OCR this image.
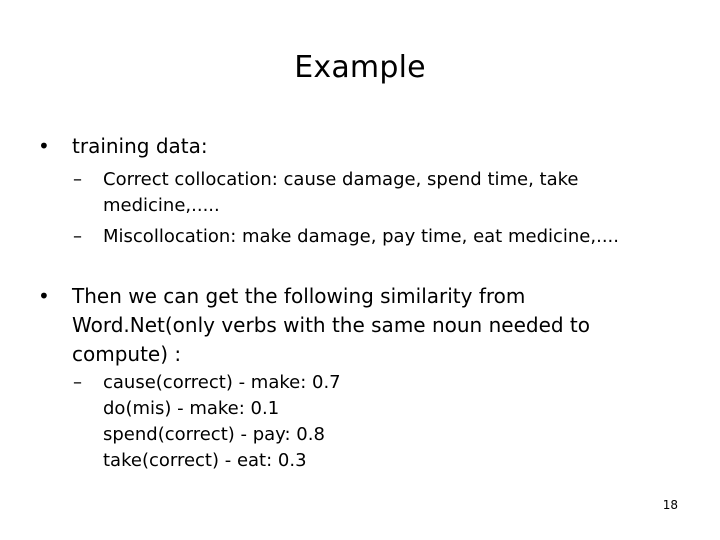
Example
• training data:
– Correct collocation: cause damage, spend time, take medicine,.....
– Miscollocation: make damage, pay time, eat medicine,....
• Then we can get the following similarity from Word.Net(only verbs with the same noun needed to compute) :
– cause(correct) - make: 0.7
do(mis) - make: 0.1
spend(correct) - pay: 0.8
take(correct) - eat: 0.3
18
